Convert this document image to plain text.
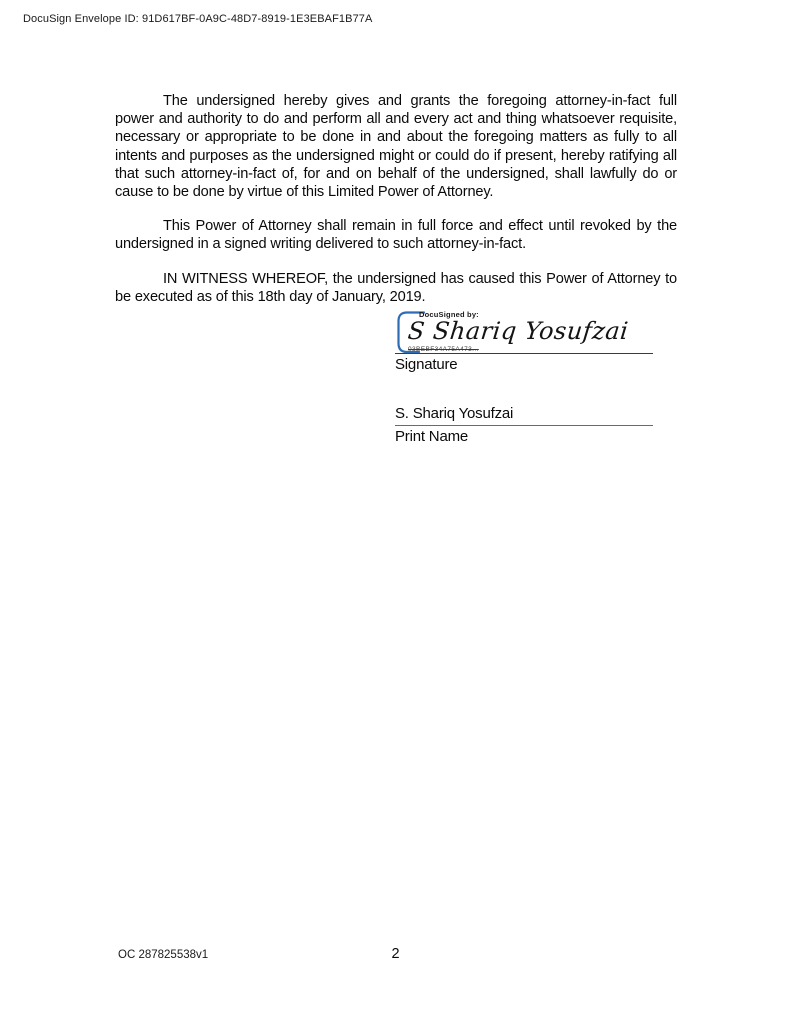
DocuSign Envelope ID: 91D617BF-0A9C-48D7-8919-1E3EBAF1B77A

The undersigned hereby gives and grants the foregoing attorney-in-fact full power and authority to do and perform all and every act and thing whatsoever requisite, necessary or appropriate to be done in and about the foregoing matters as fully to all intents and purposes as the undersigned might or could do if present, hereby ratifying all that such attorney-in-fact of, for and on behalf of the undersigned, shall lawfully do or cause to be done by virtue of this Limited Power of Attorney.

This Power of Attorney shall remain in full force and effect until revoked by the undersigned in a signed writing delivered to such attorney-in-fact.

IN WITNESS WHEREOF, the undersigned has caused this Power of Attorney to be executed as of this 18th day of January, 2019.

DocuSigned by:
S Shariq Yosufzai
03BEBF34A75A473...
Signature
S. Shariq Yosufzai
Print Name
OC 287825538v1	2
